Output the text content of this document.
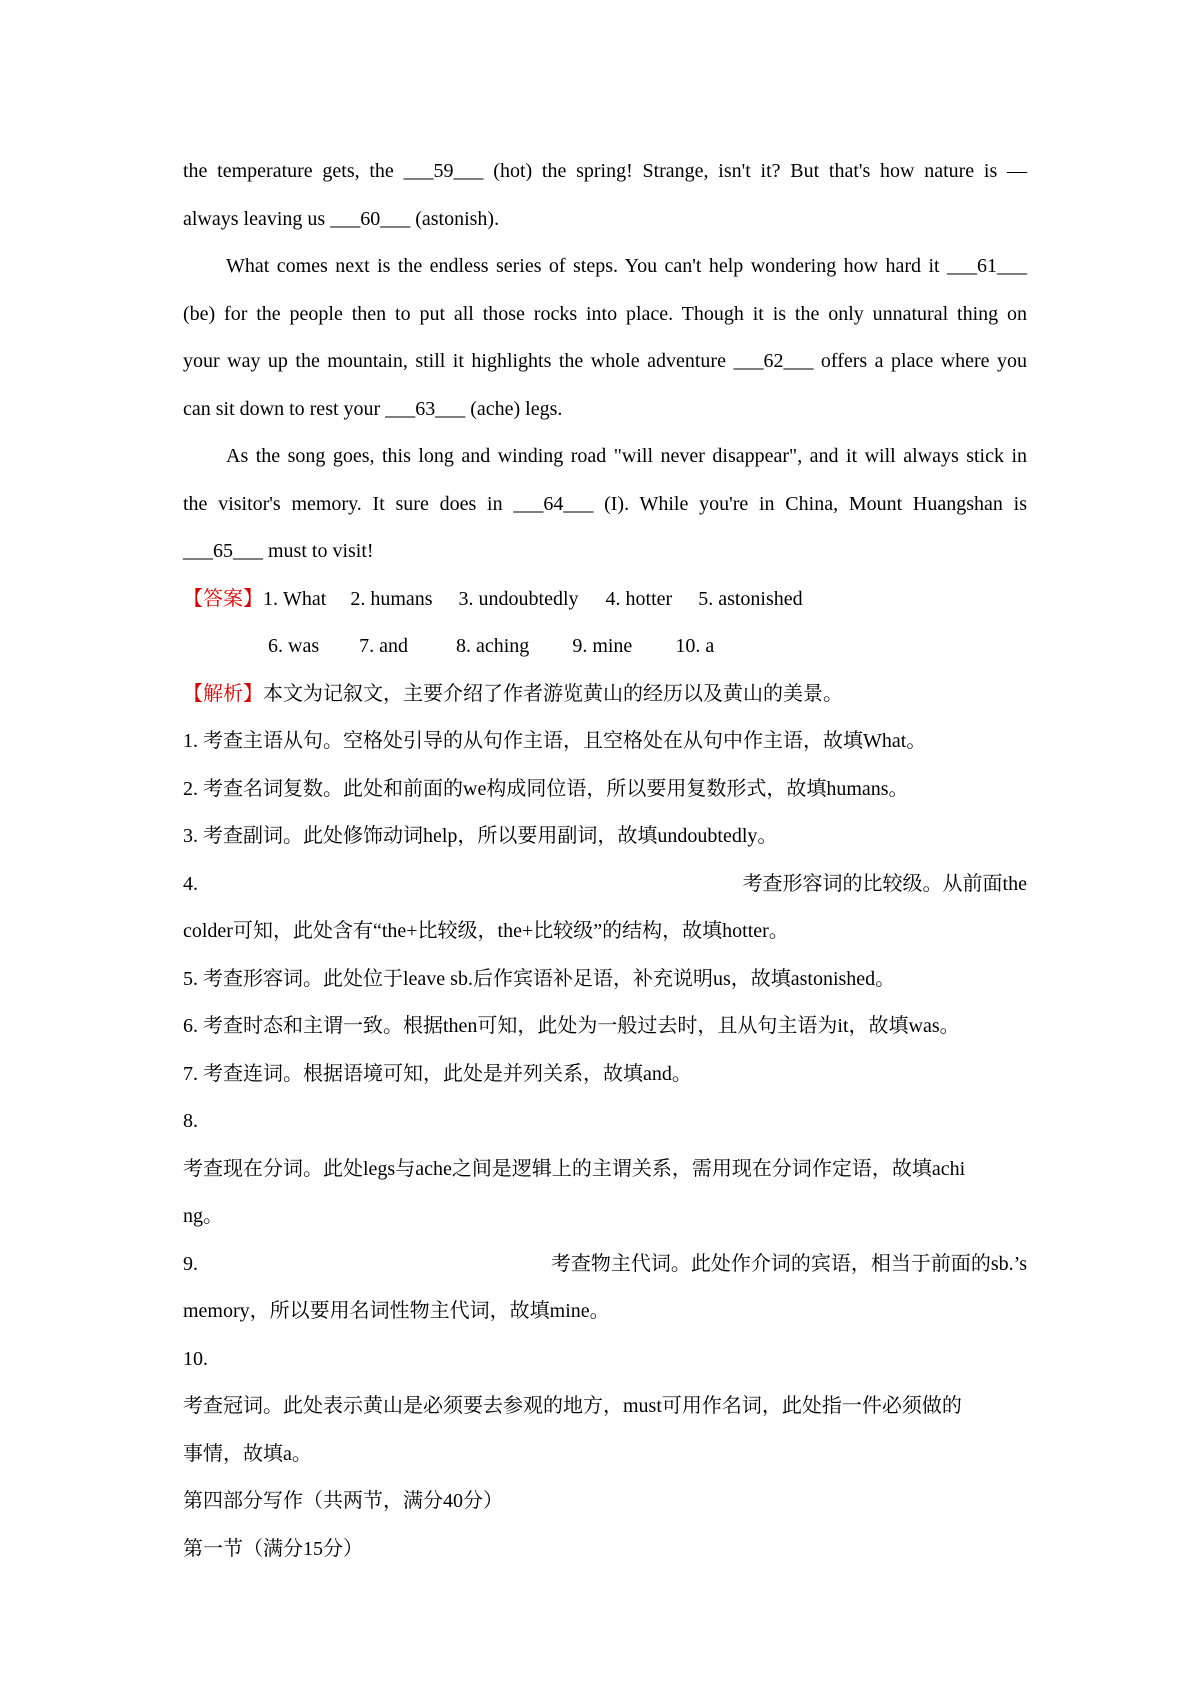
the temperature gets, the ___59___ (hot) the spring! Strange, isn't it? But that's how nature is —
always leaving us ___60___ (astonish).
What comes next is the endless series of steps. You can't help wondering how hard it ___61___
(be) for the people then to put all those rocks into place. Though it is the only unnatural thing on
your way up the mountain, still it highlights the whole adventure ___62___ offers a place where you
can sit down to rest your ___63___ (ache) legs.
As the song goes, this long and winding road "will never disappear", and it will always stick in
the visitor's memory. It sure does in ___64___ (I). While you're in China, Mount Huangshan is
___65___ must to visit!
【答案】1. What 2. humans 3. undoubtedly 4. hotter 5. astonished
6. was 7. and 8. aching 9. mine 10. a
【解析】本文为记叙文，主要介绍了作者游览黄山的经历以及黄山的美景。
1. 考查主语从句。空格处引导的从句作主语，且空格处在从句中作主语，故填What。
2. 考查名词复数。此处和前面的we构成同位语，所以要用复数形式，故填humans。
3. 考查副词。此处修饰动词help，所以要用副词，故填undoubtedly。
4.	考查形容词的比较级。从前面the
colder可知，此处含有“the+比较级，the+比较级”的结构，故填hotter。
5. 考查形容词。此处位于leave sb.后作宾语补足语，补充说明us，故填astonished。
6. 考查时态和主谓一致。根据then可知，此处为一般过去时，且从句主语为it，故填was。
7. 考查连词。根据语境可知，此处是并列关系，故填and。
8.
考查现在分词。此处legs与ache之间是逻辑上的主谓关系，需用现在分词作定语，故填achi
ng。
9.	考查物主代词。此处作介词的宾语，相当于前面的sb.’s
memory，所以要用名词性物主代词，故填mine。
10.
考查冠词。此处表示黄山是必须要去参观的地方，must可用作名词，此处指一件必须做的
事情，故填a。
第四部分写作（共两节，满分40分）
第一节（满分15分）
